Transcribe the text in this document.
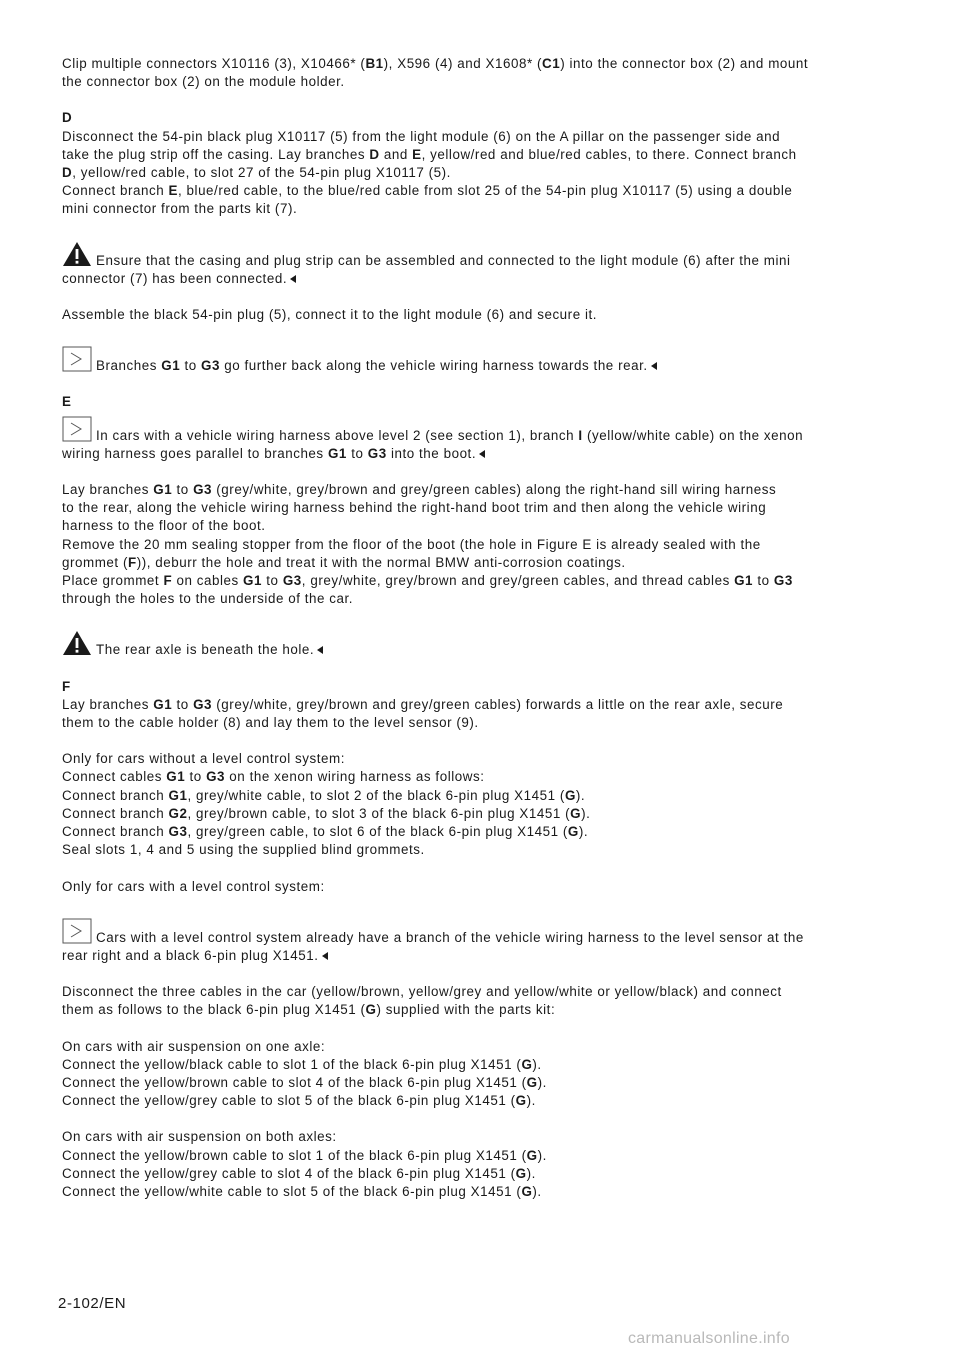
Clip multiple connectors X10116 (3), X10466* (B1), X596 (4) and X1608* (C1) into the connector box (2) and mount
the connector box (2) on the module holder.

D
Disconnect the 54-pin black plug X10117 (5) from the light module (6) on the A pillar on the passenger side and
take the plug strip off the casing. Lay branches D and E, yellow/red and blue/red cables, to there. Connect branch
D, yellow/red cable, to slot 27 of the 54-pin plug X10117 (5).
Connect branch E, blue/red cable, to the blue/red cable from slot 25 of the 54-pin plug X10117 (5) using a double
mini connector from the parts kit (7).

Ensure that the casing and plug strip can be assembled and connected to the light module (6) after the mini
connector (7) has been connected.

Assemble the black 54-pin plug (5), connect it to the light module (6) and secure it.

Branches G1 to G3 go further back along the vehicle wiring harness towards the rear.

E

In cars with a vehicle wiring harness above level 2 (see section 1), branch I (yellow/white cable) on the xenon
wiring harness goes parallel to branches G1 to G3 into the boot.

Lay branches G1 to G3 (grey/white, grey/brown and grey/green cables) along the right-hand sill wiring harness
to the rear, along the vehicle wiring harness behind the right-hand boot trim and then along the vehicle wiring
harness to the floor of the boot.
Remove the 20 mm sealing stopper from the floor of the boot (the hole in Figure E is already sealed with the
grommet (F)), deburr the hole and treat it with the normal BMW anti-corrosion coatings.
Place grommet F on cables G1 to G3, grey/white, grey/brown and grey/green cables, and thread cables G1 to G3
through the holes to the underside of the car.

The rear axle is beneath the hole.

F
Lay branches G1 to G3 (grey/white, grey/brown and grey/green cables) forwards a little on the rear axle, secure
them to the cable holder (8) and lay them to the level sensor (9).

Only for cars without a level control system:
Connect cables G1 to G3 on the xenon wiring harness as follows:
Connect branch G1, grey/white cable, to slot 2 of the black 6-pin plug X1451 (G).
Connect branch G2, grey/brown cable, to slot 3 of the black 6-pin plug X1451 (G).
Connect branch G3, grey/green cable, to slot 6 of the black 6-pin plug X1451 (G).
Seal slots 1, 4 and 5 using the supplied blind grommets.

Only for cars with a level control system:

Cars with a level control system already have a branch of the vehicle wiring harness to the level sensor at the
rear right and a black 6-pin plug X1451.

Disconnect the three cables in the car (yellow/brown, yellow/grey and yellow/white or yellow/black) and connect
them as follows to the black 6-pin plug X1451 (G) supplied with the parts kit:

On cars with air suspension on one axle:
Connect the yellow/black cable to slot 1 of the black 6-pin plug X1451 (G).
Connect the yellow/brown cable to slot 4 of the black 6-pin plug X1451 (G).
Connect the yellow/grey cable to slot 5 of the black 6-pin plug X1451 (G).

On cars with air suspension on both axles:
Connect the yellow/brown cable to slot 1 of the black 6-pin plug X1451 (G).
Connect the yellow/grey cable to slot 4 of the black 6-pin plug X1451 (G).
Connect the yellow/white cable to slot 5 of the black 6-pin plug X1451 (G).

2-102/EN
carmanualsonline.info
